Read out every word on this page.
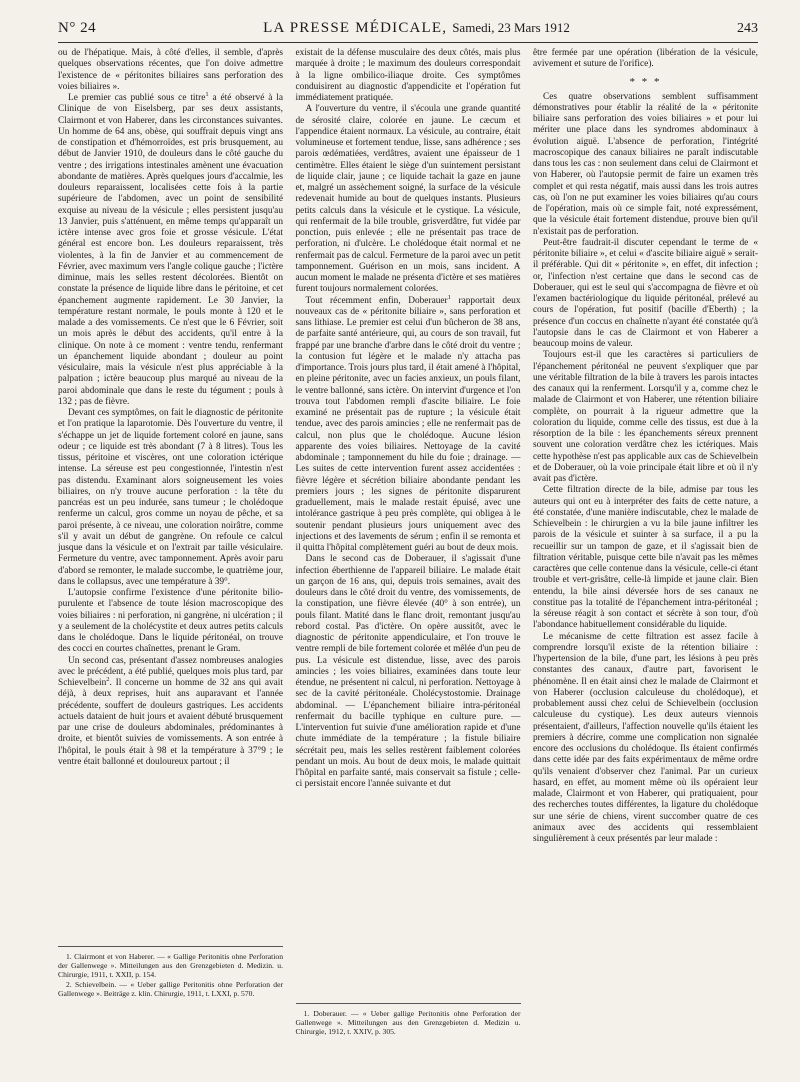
N° 24	LA PRESSE MÉDICALE, Samedi, 23 Mars 1912	243

ou de l'hépatique. Mais, à côté d'elles, il semble, d'après quelques observations récentes, que l'on doive admettre l'existence de « péritonites biliaires sans perforation des voies biliaires ».

Le premier cas publié sous ce titre$^1$ a été observé à la Clinique de von Eiselsberg, par ses deux assistants, Clairmont et von Haberer, dans les circonstances suivantes. Un homme de 64 ans, obèse, qui souffrait depuis vingt ans de constipation et d'hémorroïdes, est pris brusquement, au début de Janvier 1910, de douleurs dans le côté gauche du ventre ; des irrigations intestinales amènent une évacuation abondante de matières. Après quelques jours d'accalmie, les douleurs reparaissent, localisées cette fois à la partie supérieure de l'abdomen, avec un point de sensibilité exquise au niveau de la vésicule ; elles persistent jusqu'au 13 Janvier, puis s'atténuent, en même temps qu'apparaît un ictère intense avec gros foie et grosse vésicule. L'état général est encore bon. Les douleurs reparaissent, très violentes, à la fin de Janvier et au commencement de Février, avec maximum vers l'angle colique gauche ; l'ictère diminue, mais les selles restent décolorées. Bientôt on constate la présence de liquide libre dans le péritoine, et cet épanchement augmente rapidement. Le 30 Janvier, la température restant normale, le pouls monte à 120 et le malade a des vomissements. Ce n'est que le 6 Février, soit un mois après le début des accidents, qu'il entre à la clinique. On note à ce moment : ventre tendu, renfermant un épanchement liquide abondant ; douleur au point vésiculaire, mais la vésicule n'est plus appréciable à la palpation ; ictère beaucoup plus marqué au niveau de la paroi abdominale que dans le reste du tégument ; pouls à 132 ; pas de fièvre.

Devant ces symptômes, on fait le diagnostic de péritonite et l'on pratique la laparotomie. Dès l'ouverture du ventre, il s'échappe un jet de liquide fortement coloré en jaune, sans odeur ; ce liquide est très abondant (7 à 8 litres). Tous les tissus, péritoine et viscères, ont une coloration ictérique intense. La séreuse est peu congestionnée, l'intestin n'est pas distendu. Examinant alors soigneusement les voies biliaires, on n'y trouve aucune perforation : la tête du pancréas est un peu indurée, sans tumeur ; le cholédoque renferme un calcul, gros comme un noyau de pêche, et sa paroi présente, à ce niveau, une coloration noirâtre, comme s'il y avait un début de gangrène. On refoule ce calcul jusque dans la vésicule et on l'extrait par taille vésiculaire. Fermeture du ventre, avec tamponnement. Après avoir paru d'abord se remonter, le malade succombe, le quatrième jour, dans le collapsus, avec une température à 39°.

L'autopsie confirme l'existence d'une péritonite bilio-purulente et l'absence de toute lésion macroscopique des voies biliaires : ni perforation, ni gangrène, ni ulcération ; il y a seulement de la cholécystite et deux autres petits calculs dans le cholédoque. Dans le liquide péritonéal, on trouve des cocci en courtes chaînettes, prenant le Gram.

Un second cas, présentant d'assez nombreuses analogies avec le précédent, a été publié, quelques mois plus tard, par Schievelbein$^2$. Il concerne un homme de 32 ans qui avait déjà, à deux reprises, huit ans auparavant et l'année précédente, souffert de douleurs gastriques. Les accidents actuels dataient de huit jours et avaient débuté brusquement par une crise de douleurs abdominales, prédominantes à droite, et bientôt suivies de vomissements. A son entrée à l'hôpital, le pouls était à 98 et la température à 37°9 ; le ventre était ballonné et douloureux partout ; il

1. Clairmont et von Haberer. — « Gallige Peritonitis ohne Perforation der Gallenwege ». Mitteilungen aus den Grenzgebieten d. Medizin. u. Chirurgie, 1911, t. XXII, p. 154.

2. Schievelbein. — « Ueber gallige Peritonitis ohne Perforation der Gallenwege ». Beiträge z. klin. Chirurgie, 1911, t. LXXI, p. 570.

existait de la défense musculaire des deux côtés, mais plus marquée à droite ; le maximum des douleurs correspondait à la ligne ombilico-iliaque droite. Ces symptômes conduisirent au diagnostic d'appendicite et l'opération fut immédiatement pratiquée.

A l'ouverture du ventre, il s'écoula une grande quantité de sérosité claire, colorée en jaune. Le cæcum et l'appendice étaient normaux. La vésicule, au contraire, était volumineuse et fortement tendue, lisse, sans adhérence ; ses parois œdématiées, verdâtres, avaient une épaisseur de 1 centimètre. Elles étaient le siège d'un suintement persistant de liquide clair, jaune ; ce liquide tachait la gaze en jaune et, malgré un assèchement soigné, la surface de la vésicule redevenait humide au bout de quelques instants. Plusieurs petits calculs dans la vésicule et le cystique. La vésicule, qui renfermait de la bile trouble, grisverdâtre, fut vidée par ponction, puis enlevée ; elle ne présentait pas trace de perforation, ni d'ulcère. Le cholédoque était normal et ne renfermait pas de calcul. Fermeture de la paroi avec un petit tamponnement. Guérison en un mois, sans incident. A aucun moment le malade ne présenta d'ictère et ses matières furent toujours normalement colorées.

Tout récemment enfin, Doberauer$^1$ rapportait deux nouveaux cas de « péritonite biliaire », sans perforation et sans lithiase. Le premier est celui d'un bûcheron de 38 ans, de parfaite santé antérieure, qui, au cours de son travail, fut frappé par une branche d'arbre dans le côté droit du ventre ; la contusion fut légère et le malade n'y attacha pas d'importance. Trois jours plus tard, il était amené à l'hôpital, en pleine péritonite, avec un facies anxieux, un pouls filant, le ventre ballonné, sans ictère. On intervint d'urgence et l'on trouva tout l'abdomen rempli d'ascite biliaire. Le foie examiné ne présentait pas de rupture ; la vésicule était tendue, avec des parois amincies ; elle ne renfermait pas de calcul, non plus que le cholédoque. Aucune lésion apparente des voies biliaires. Nettoyage de la cavité abdominale ; tamponnement du hile du foie ; drainage. — Les suites de cette intervention furent assez accidentées : fièvre légère et sécrétion biliaire abondante pendant les premiers jours ; les signes de péritonite disparurent graduellement, mais le malade restait épuisé, avec une intolérance gastrique à peu près complète, qui obligea à le soutenir pendant plusieurs jours uniquement avec des injections et des lavements de sérum ; enfin il se remonta et il quitta l'hôpital complètement guéri au bout de deux mois.

Dans le second cas de Doberauer, il s'agissait d'une infection éberthienne de l'appareil biliaire. Le malade était un garçon de 16 ans, qui, depuis trois semaines, avait des douleurs dans le côté droit du ventre, des vomissements, de la constipation, une fièvre élevée (40° à son entrée), un pouls filant. Matité dans le flanc droit, remontant jusqu'au rebord costal. Pas d'ictère. On opère aussitôt, avec le diagnostic de péritonite appendiculaire, et l'on trouve le ventre rempli de bile fortement colorée et mêlée d'un peu de pus. La vésicule est distendue, lisse, avec des parois amincies ; les voies biliaires, examinées dans toute leur étendue, ne présentent ni calcul, ni perforation. Nettoyage à sec de la cavité péritonéale. Cholécystostomie. Drainage abdominal. — L'épanchement biliaire intra-péritonéal renfermait du bacille typhique en culture pure. — L'intervention fut suivie d'une amélioration rapide et d'une chute immédiate de la température ; la fistule biliaire sécrétait peu, mais les selles restèrent faiblement colorées pendant un mois. Au bout de deux mois, le malade quittait l'hôpital en parfaite santé, mais conservait sa fistule ; celle-ci persistait encore l'année suivante et dut

1. Doberauer. — « Ueber gallige Peritonitis ohne Perforation der Gallenwege ». Mitteilungen aus den Grenzgebieten d. Medizin u. Chirurgie, 1912, t. XXIV, p. 305.

être fermée par une opération (libération de la vésicule, avivement et suture de l'orifice).

* * *

Ces quatre observations semblent suffisamment démonstratives pour établir la réalité de la « péritonite biliaire sans perforation des voies biliaires » et pour lui mériter une place dans les syndromes abdominaux à évolution aiguë. L'absence de perforation, l'intégrité macroscopique des canaux biliaires ne paraît indiscutable dans tous les cas : non seulement dans celui de Clairmont et von Haberer, où l'autopsie permit de faire un examen très complet et qui resta négatif, mais aussi dans les trois autres cas, où l'on ne put examiner les voies biliaires qu'au cours de l'opération, mais où ce simple fait, noté expressément, que la vésicule était fortement distendue, prouve bien qu'il n'existait pas de perforation.

Peut-être faudrait-il discuter cependant le terme de « péritonite biliaire », et celui « d'ascite biliaire aiguë » serait-il préférable. Qui dit « péritonite », en effet, dit infection ; or, l'infection n'est certaine que dans le second cas de Doberauer, qui est le seul qui s'accompagna de fièvre et où l'examen bactériologique du liquide péritonéal, prélevé au cours de l'opération, fut positif (bacille d'Eberth) ; la présence d'un coccus en chaînette n'ayant été constatée qu'à l'autopsie dans le cas de Clairmont et von Haberer a beaucoup moins de valeur.

Toujours est-il que les caractères si particuliers de l'épanchement péritonéal ne peuvent s'expliquer que par une véritable filtration de la bile à travers les parois intactes des canaux qui la renferment. Lorsqu'il y a, comme chez le malade de Clairmont et von Haberer, une rétention biliaire complète, on pourrait à la rigueur admettre que la coloration du liquide, comme celle des tissus, est due à la résorption de la bile : les épanchements séreux prennent souvent une coloration verdâtre chez les ictériques. Mais cette hypothèse n'est pas applicable aux cas de Schievelbein et de Doberauer, où la voie principale était libre et où il n'y avait pas d'ictère.

Cette filtration directe de la bile, admise par tous les auteurs qui ont eu à interpréter des faits de cette nature, a été constatée, d'une manière indiscutable, chez le malade de Schievelbein : le chirurgien a vu la bile jaune infiltrer les parois de la vésicule et suinter à sa surface, il a pu la recueillir sur un tampon de gaze, et il s'agissait bien de filtration véritable, puisque cette bile n'avait pas les mêmes caractères que celle contenue dans la vésicule, celle-ci étant trouble et vert-grisâtre, celle-là limpide et jaune clair. Bien entendu, la bile ainsi déversée hors de ses canaux ne constitue pas la totalité de l'épanchement intra-péritonéal ; la séreuse réagit à son contact et sécrète à son tour, d'où l'abondance habituellement considérable du liquide.

Le mécanisme de cette filtration est assez facile à comprendre lorsqu'il existe de la rétention biliaire : l'hypertension de la bile, d'une part, les lésions à peu près constantes des canaux, d'autre part, favorisent le phénomène. Il en était ainsi chez le malade de Clairmont et von Haberer (occlusion calculeuse du cholédoque), et probablement aussi chez celui de Schievelbein (occlusion calculeuse du cystique). Les deux auteurs viennois présentaient, d'ailleurs, l'affection nouvelle qu'ils étaient les premiers à décrire, comme une complication non signalée encore des occlusions du cholédoque. Ils étaient confirmés dans cette idée par des faits expérimentaux de même ordre qu'ils venaient d'observer chez l'animal. Par un curieux hasard, en effet, au moment même où ils opéraient leur malade, Clairmont et von Haberer, qui pratiquaient, pour des recherches toutes différentes, la ligature du cholédoque sur une série de chiens, virent succomber quatre de ces animaux avec des accidents qui ressemblaient singulièrement à ceux présentés par leur malade :
